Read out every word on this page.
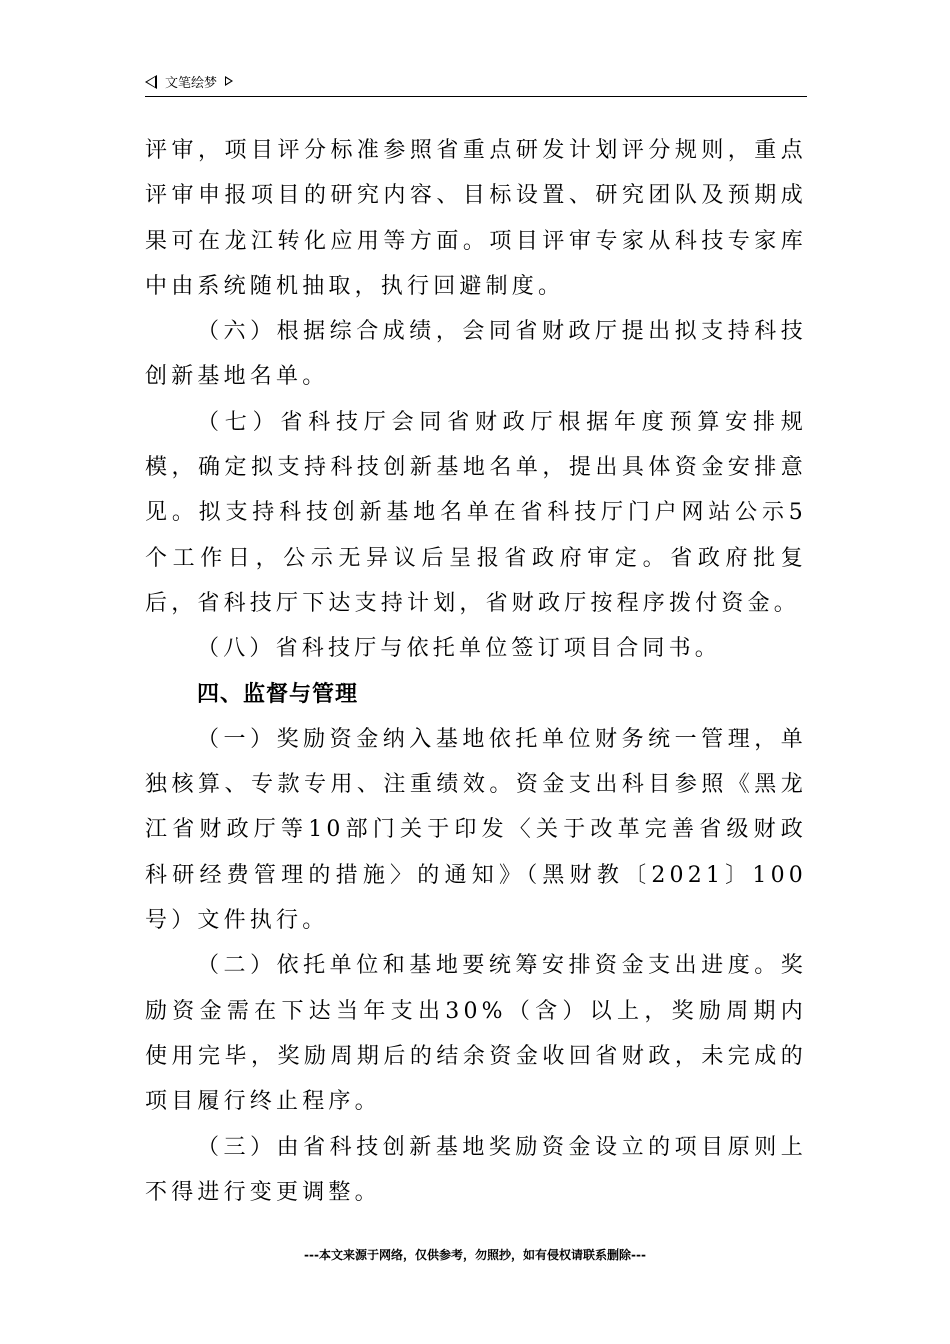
文笔绘梦

评审，项目评分标准参照省重点研发计划评分规则，重点评审申报项目的研究内容、目标设置、研究团队及预期成果可在龙江转化应用等方面。项目评审专家从科技专家库中由系统随机抽取，执行回避制度。

（六）根据综合成绩，会同省财政厅提出拟支持科技创新基地名单。

（七）省科技厅会同省财政厅根据年度预算安排规模，确定拟支持科技创新基地名单，提出具体资金安排意见。拟支持科技创新基地名单在省科技厅门户网站公示5个工作日，公示无异议后呈报省政府审定。省政府批复后，省科技厅下达支持计划，省财政厅按程序拨付资金。

（八）省科技厅与依托单位签订项目合同书。

四、监督与管理

（一）奖励资金纳入基地依托单位财务统一管理，单独核算、专款专用、注重绩效。资金支出科目参照《黑龙江省财政厅等10部门关于印发〈关于改革完善省级财政科研经费管理的措施〉的通知》（黑财教〔2021〕100号）文件执行。

（二）依托单位和基地要统筹安排资金支出进度。奖励资金需在下达当年支出30%（含）以上，奖励周期内使用完毕，奖励周期后的结余资金收回省财政，未完成的项目履行终止程序。

（三）由省科技创新基地奖励资金设立的项目原则上不得进行变更调整。

---本文来源于网络，仅供参考，勿照抄，如有侵权请联系删除---
